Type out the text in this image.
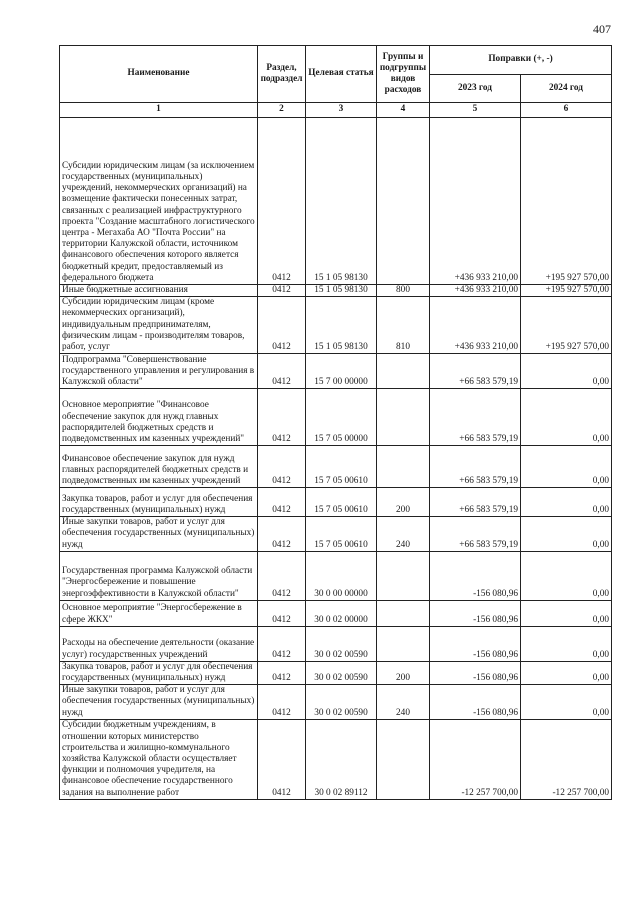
407
Наименование	Раздел, подраздел	Целевая статья	Группы и подгруппы видов расходов	Поправки (+, -)	
				2023 год	2024 год
1	2	3	4	5	6
Субсидии юридическим лицам (за исключением государственных (муниципальных) учреждений, некоммерческих организаций) на возмещение фактически понесенных затрат, связанных с реализацией инфраструктурного проекта "Создание масштабного логистического центра - Мегахаба АО "Почта России" на территории Калужской области, источником финансового обеспечения которого является бюджетный кредит, предоставляемый из федерального бюджета	0412	15 1 05 98130		+436 933 210,00	+195 927 570,00
Иные бюджетные ассигнования	0412	15 1 05 98130	800	+436 933 210,00	+195 927 570,00
Субсидии юридическим лицам (кроме некоммерческих организаций), индивидуальным предпринимателям, физическим лицам - производителям товаров, работ, услуг	0412	15 1 05 98130	810	+436 933 210,00	+195 927 570,00
Подпрограмма "Совершенствование государственного управления и регулирования в Калужской области"	0412	15 7 00 00000		+66 583 579,19	0,00
Основное мероприятие "Финансовое обеспечение закупок для нужд главных распорядителей бюджетных средств и подведомственных им казенных учреждений"	0412	15 7 05 00000		+66 583 579,19	0,00
Финансовое обеспечение закупок для нужд главных распорядителей бюджетных средств и подведомственных им казенных учреждений	0412	15 7 05 00610		+66 583 579,19	0,00
Закупка товаров, работ и услуг для обеспечения государственных (муниципальных) нужд	0412	15 7 05 00610	200	+66 583 579,19	0,00
Иные закупки товаров, работ и услуг для обеспечения государственных (муниципальных) нужд	0412	15 7 05 00610	240	+66 583 579,19	0,00
Государственная программа Калужской области "Энергосбережение и повышение энергоэффективности в Калужской области"	0412	30 0 00 00000		-156 080,96	0,00
Основное мероприятие "Энергосбережение в сфере ЖКХ"	0412	30 0 02 00000		-156 080,96	0,00
Расходы на обеспечение деятельности (оказание услуг) государственных учреждений	0412	30 0 02 00590		-156 080,96	0,00
Закупка товаров, работ и услуг для обеспечения государственных (муниципальных) нужд	0412	30 0 02 00590	200	-156 080,96	0,00
Иные закупки товаров, работ и услуг для обеспечения государственных (муниципальных) нужд	0412	30 0 02 00590	240	-156 080,96	0,00
Субсидии бюджетным учреждениям, в отношении которых министерство строительства и жилищно-коммунального хозяйства Калужской области осуществляет функции и полномочия учредителя, на финансовое обеспечение государственного задания на выполнение работ	0412	30 0 02 89112		-12 257 700,00	-12 257 700,00
